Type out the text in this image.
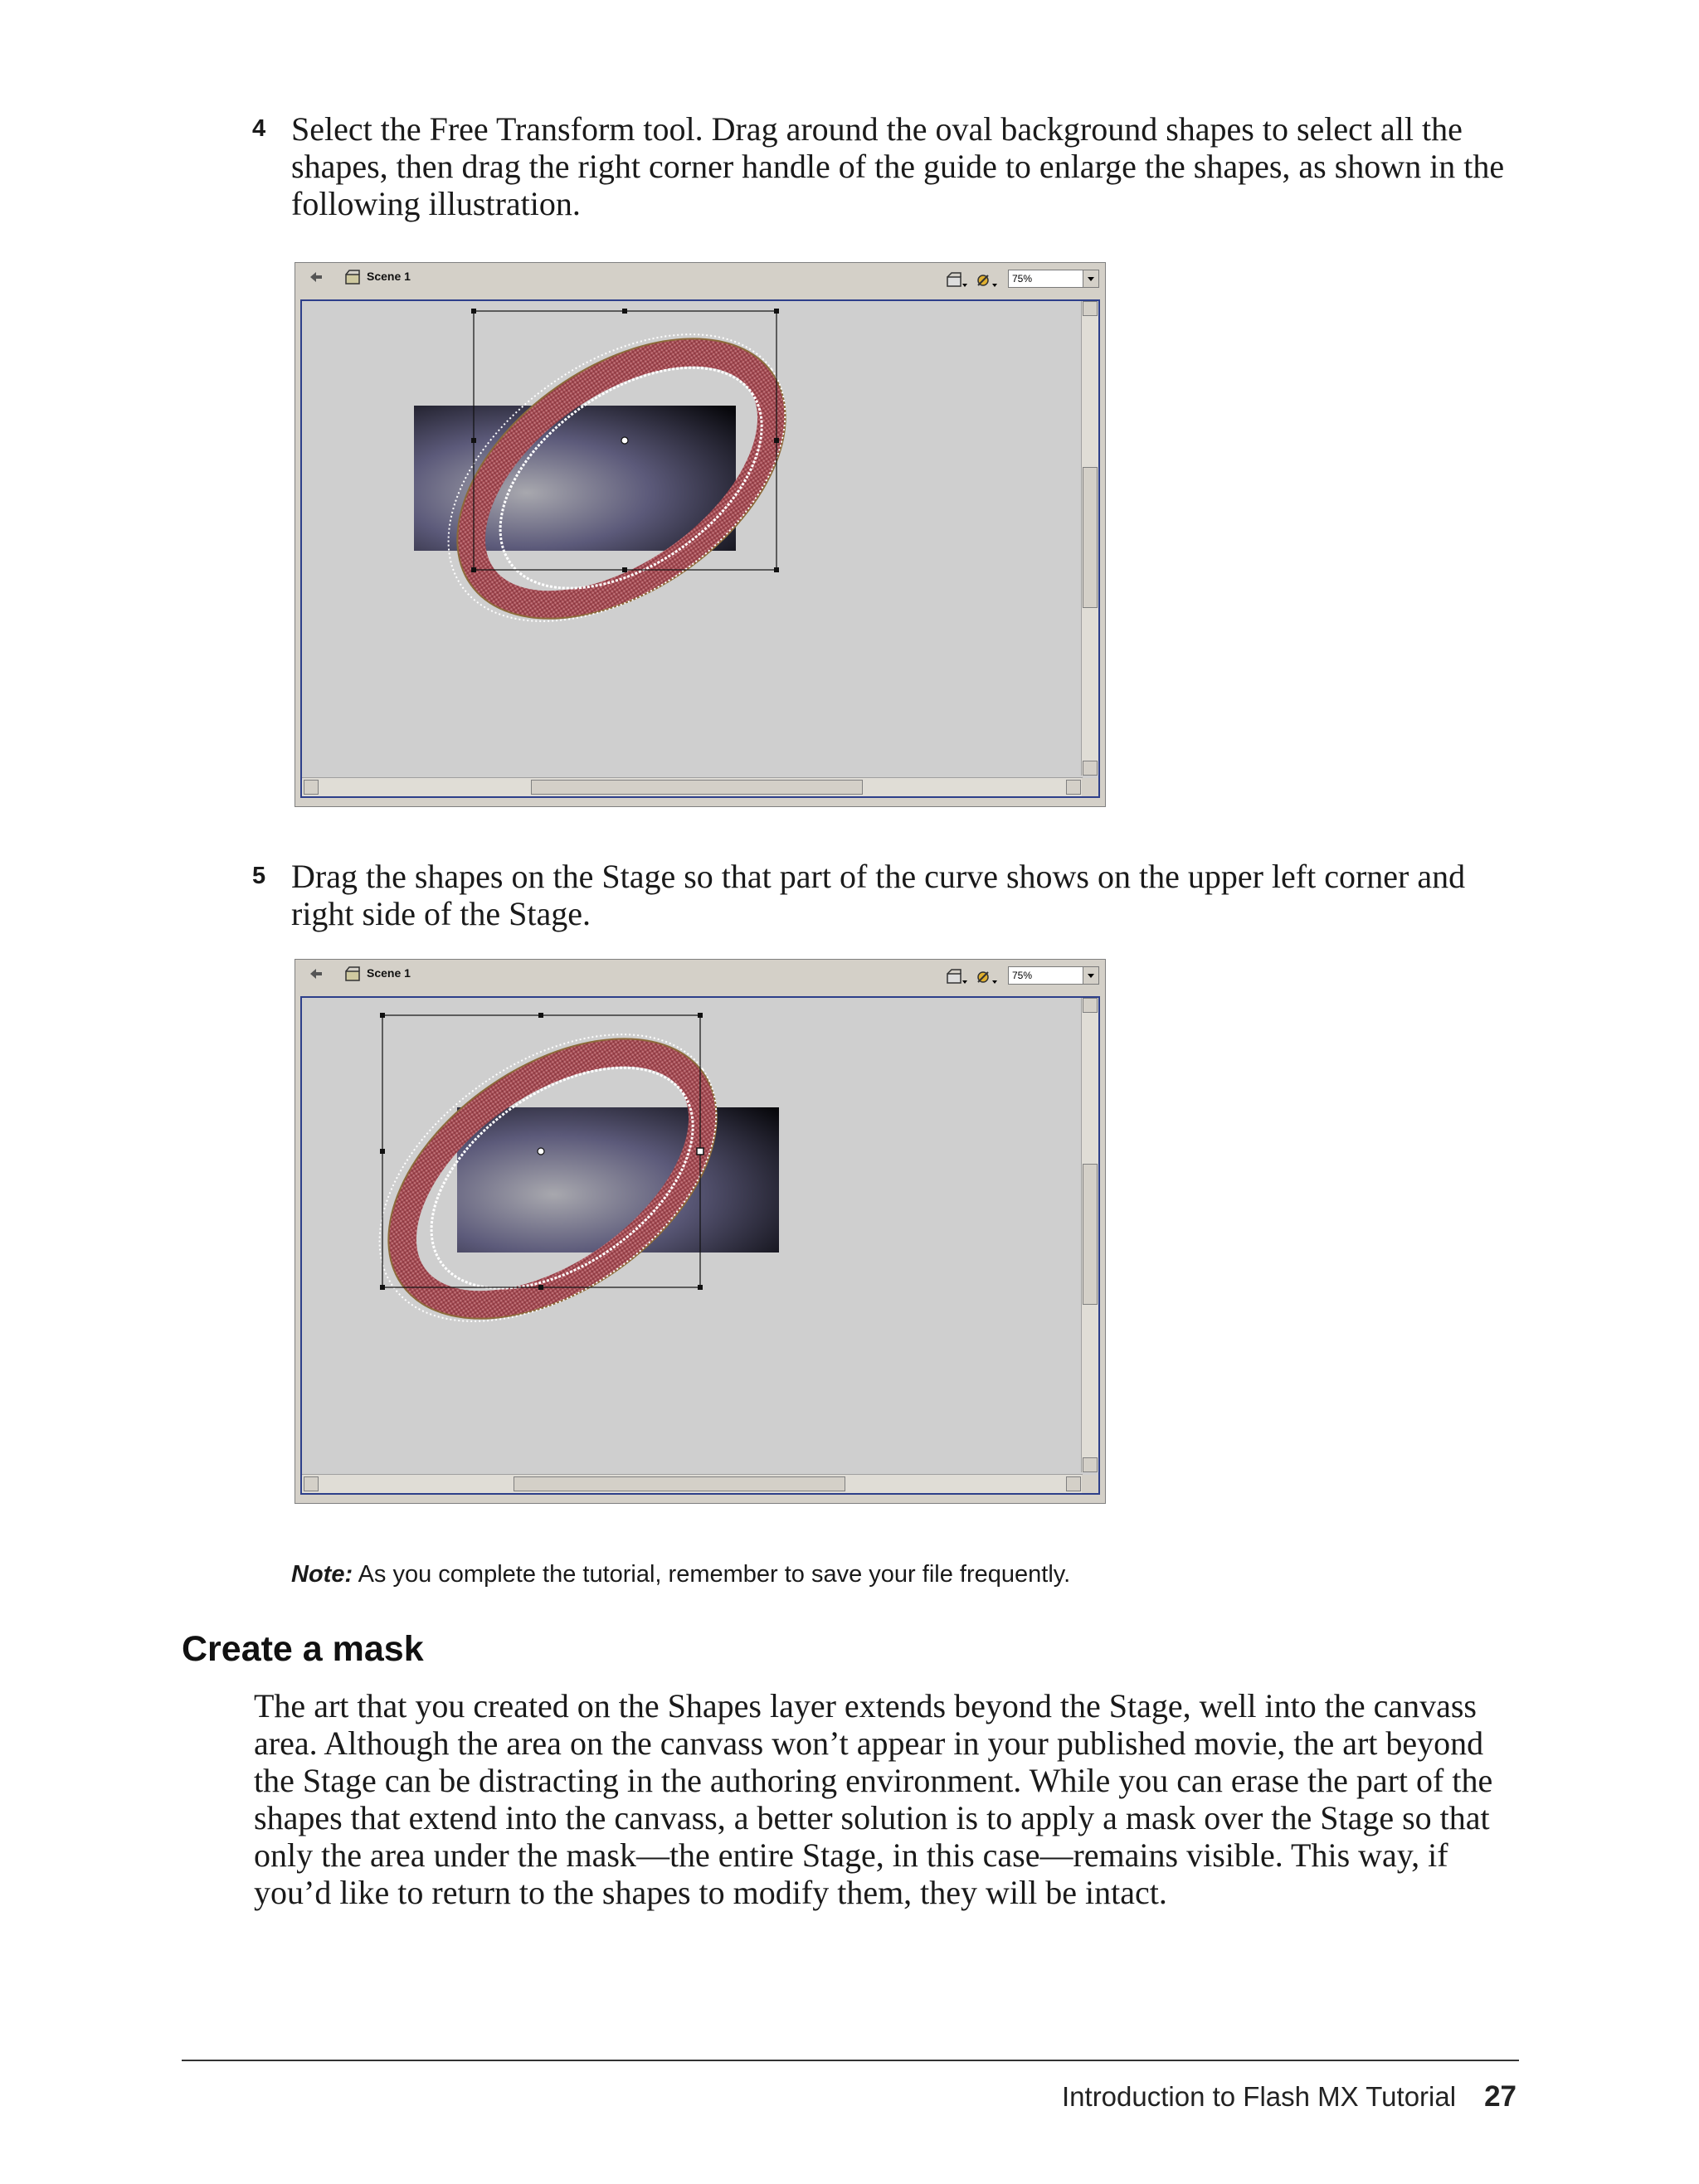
4 Select the Free Transform tool. Drag around the oval background shapes to select all the shapes, then drag the right corner handle of the guide to enlarge the shapes, as shown in the following illustration.
Scene 1	75%
5 Drag the shapes on the Stage so that part of the curve shows on the upper left corner and right side of the Stage.
Scene 1	75%
Note: As you complete the tutorial, remember to save your file frequently.
Create a mask
The art that you created on the Shapes layer extends beyond the Stage, well into the canvass area. Although the area on the canvass won’t appear in your published movie, the art beyond the Stage can be distracting in the authoring environment. While you can erase the part of the shapes that extend into the canvass, a better solution is to apply a mask over the Stage so that only the area under the mask—the entire Stage, in this case—remains visible. This way, if you’d like to return to the shapes to modify them, they will be intact.
Introduction to Flash MX Tutorial 27
